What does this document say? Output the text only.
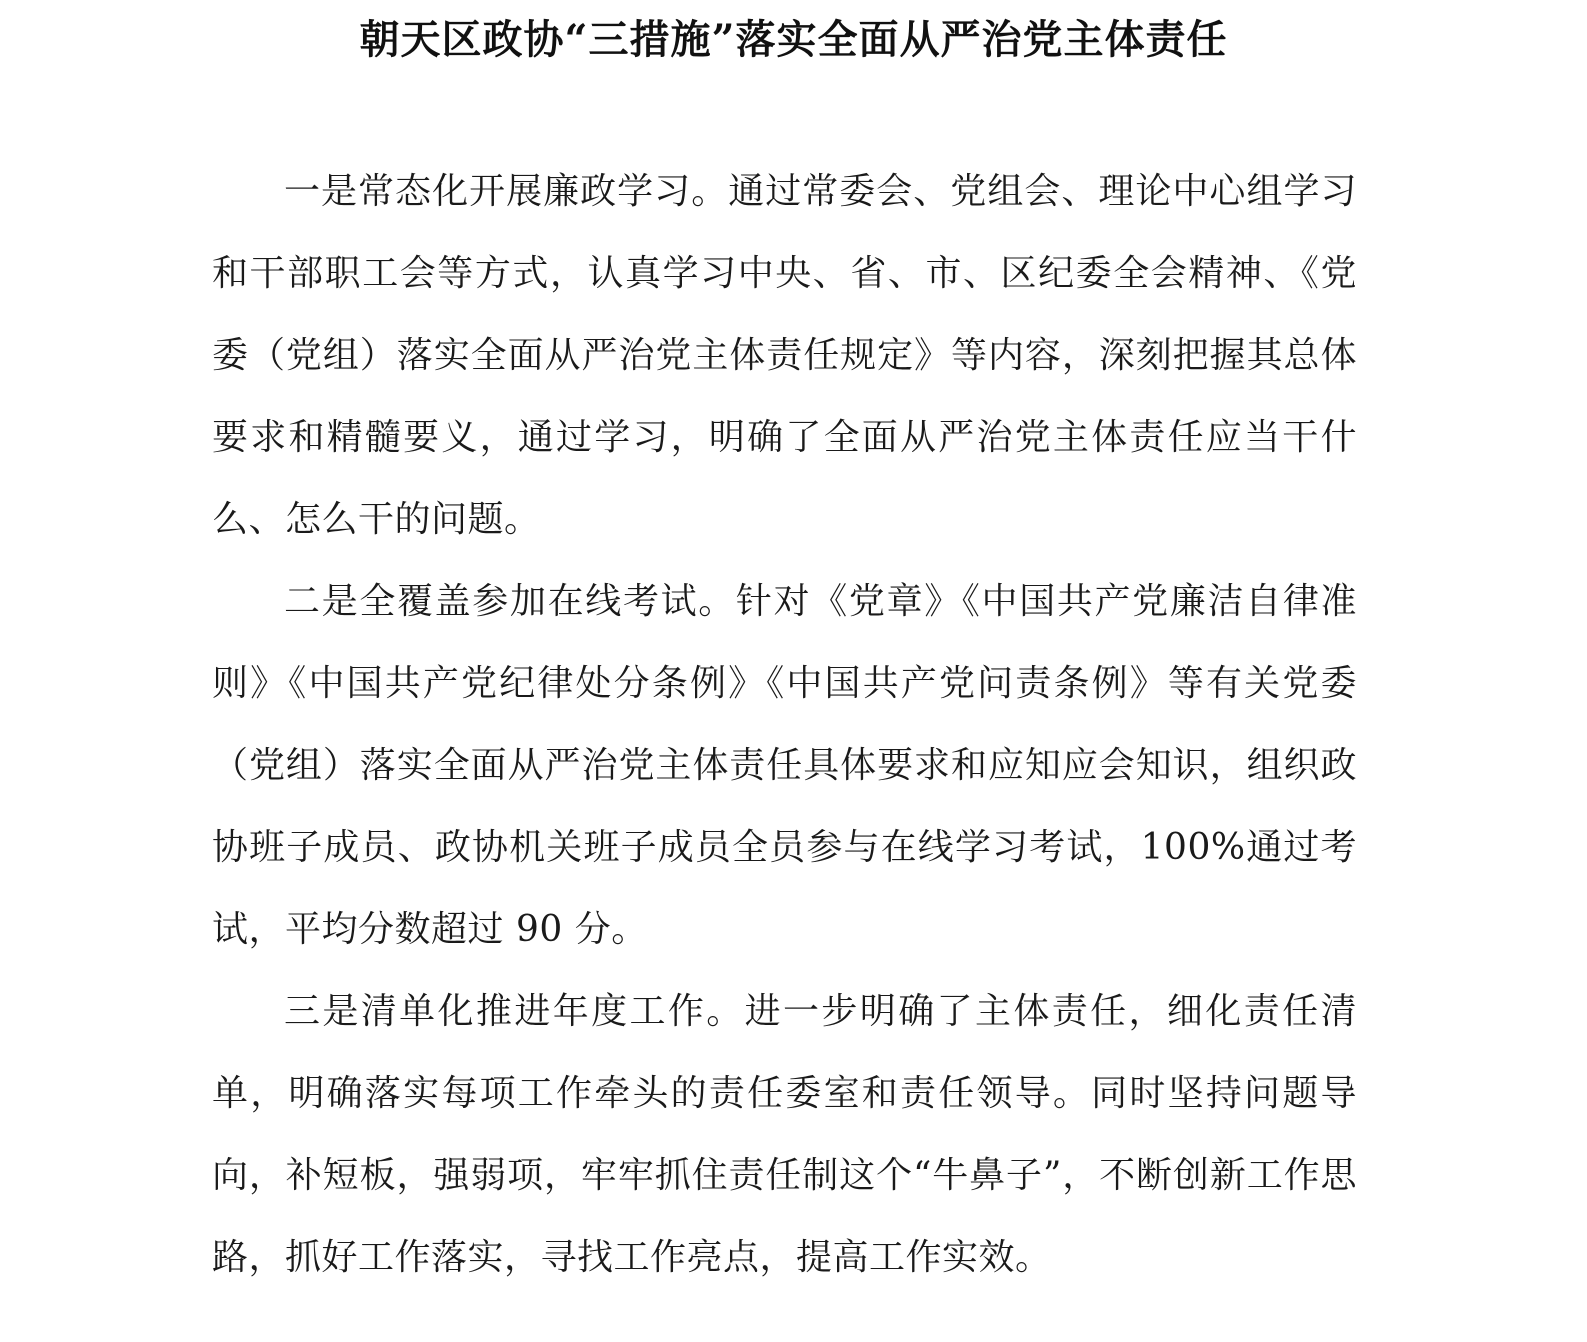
朝天区政协“三措施”落实全面从严治党主体责任

一是常态化开展廉政学习。通过常委会、党组会、理论中心组学习和干部职工会等方式，认真学习中央、省、市、区纪委全会精神、《党委（党组）落实全面从严治党主体责任规定》等内容，深刻把握其总体要求和精髓要义，通过学习，明确了全面从严治党主体责任应当干什么、怎么干的问题。

二是全覆盖参加在线考试。针对《党章》《中国共产党廉洁自律准则》《中国共产党纪律处分条例》《中国共产党问责条例》等有关党委（党组）落实全面从严治党主体责任具体要求和应知应会知识，组织政协班子成员、政协机关班子成员全员参与在线学习考试，100%通过考试，平均分数超过 90 分。

三是清单化推进年度工作。进一步明确了主体责任，细化责任清单，明确落实每项工作牵头的责任委室和责任领导。同时坚持问题导向，补短板，强弱项，牢牢抓住责任制这个“牛鼻子”，不断创新工作思路，抓好工作落实，寻找工作亮点，提高工作实效。
